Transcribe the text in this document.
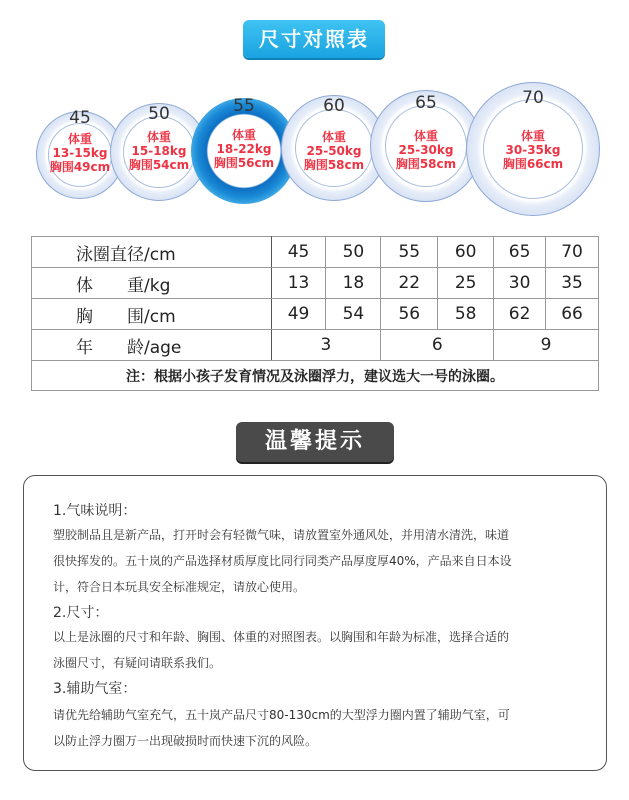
尺寸对照表
45
体重
13-15kg
胸围49cm
50
体重
15-18kg
胸围54cm
55
体重
18-22kg
胸围56cm
60
体重
25-50kg
胸围58cm
65
体重
25-30kg
胸围58cm
70
体重
30-35kg
胸围66cm
泳圈直径/cm	45	50	55	60	65	70
体　　重/kg	13	18	22	25	30	35
胸　　围/cm	49	54	56	58	62	66
年　　龄/age	3		6		9	
注：根据小孩子发育情况及泳圈浮力，建议选大一号的泳圈。						
温馨提示
1.气味说明：
塑胶制品且是新产品，打开时会有轻微气味，请放置室外通风处，并用清水清洗，味道
很快挥发的。五十岚的产品选择材质厚度比同行同类产品厚度厚40%，产品来自日本设
计，符合日本玩具安全标准规定，请放心使用。
2.尺寸：
以上是泳圈的尺寸和年龄、胸围、体重的对照图表。以胸围和年龄为标准，选择合适的
泳圈尺寸，有疑问请联系我们。
3.辅助气室：
请优先给辅助气室充气，五十岚产品尺寸80-130cm的大型浮力圈内置了辅助气室，可
以防止浮力圈万一出现破损时而快速下沉的风险。
